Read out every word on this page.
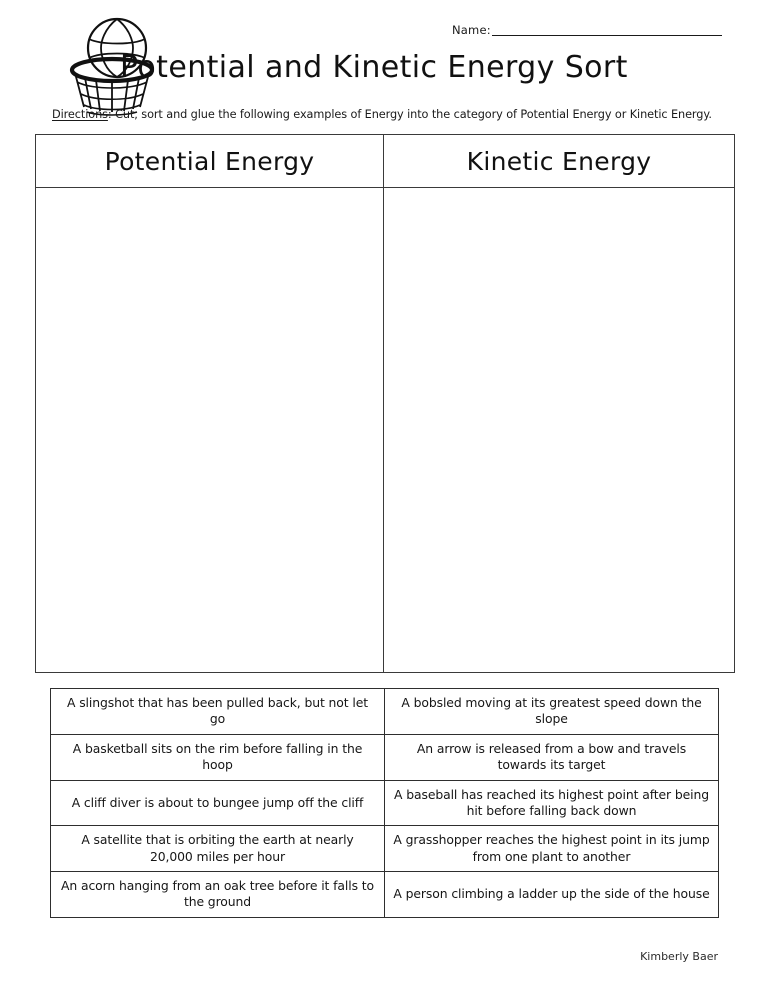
Name:
Potential and Kinetic Energy Sort
Directions: Cut, sort and glue the following examples of Energy into the category of Potential Energy or Kinetic Energy.
Potential Energy	Kinetic Energy
A slingshot that has been pulled back, but not let go	A bobsled moving at its greatest speed down the slope
A basketball sits on the rim before falling in the hoop	An arrow is released from a bow and travels towards its target
A cliff diver is about to bungee jump off the cliff	A baseball has reached its highest point after being hit before falling back down
A satellite that is orbiting the earth at nearly 20,000 miles per hour	A grasshopper reaches the highest point in its jump from one plant to another
An acorn hanging from an oak tree before it falls to the ground	A person climbing a ladder up the side of the house
Kimberly Baer
